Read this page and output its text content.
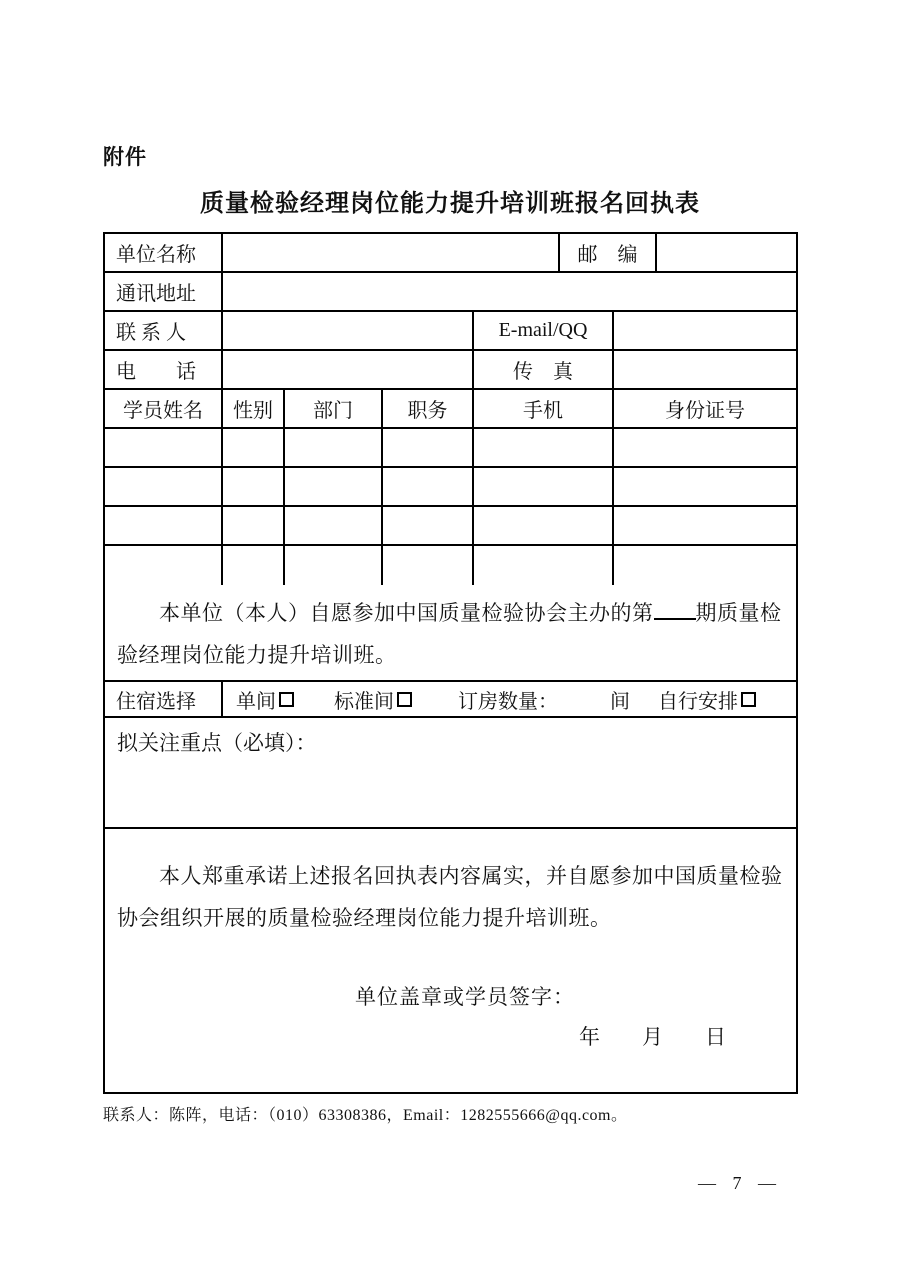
附件
质量检验经理岗位能力提升培训班报名回执表
单位名称	邮　编
通讯地址
联 系 人	E-mail/QQ
电　　话	传　真
学员姓名	性别	部门	职务	手机	身份证号

本单位（本人）自愿参加中国质量检验协会主办的第 期质量检验经理岗位能力提升培训班。

住宿选择	单间	标准间	订房数量：	间 自行安排
拟关注重点（必填）：

本人郑重承诺上述报名回执表内容属实，并自愿参加中国质量检验协会组织开展的质量检验经理岗位能力提升培训班。

单位盖章或学员签字：
年　　月　　日
联系人：陈阵，电话：（010）63308386，Email：1282555666@qq.com。
— 7 —
